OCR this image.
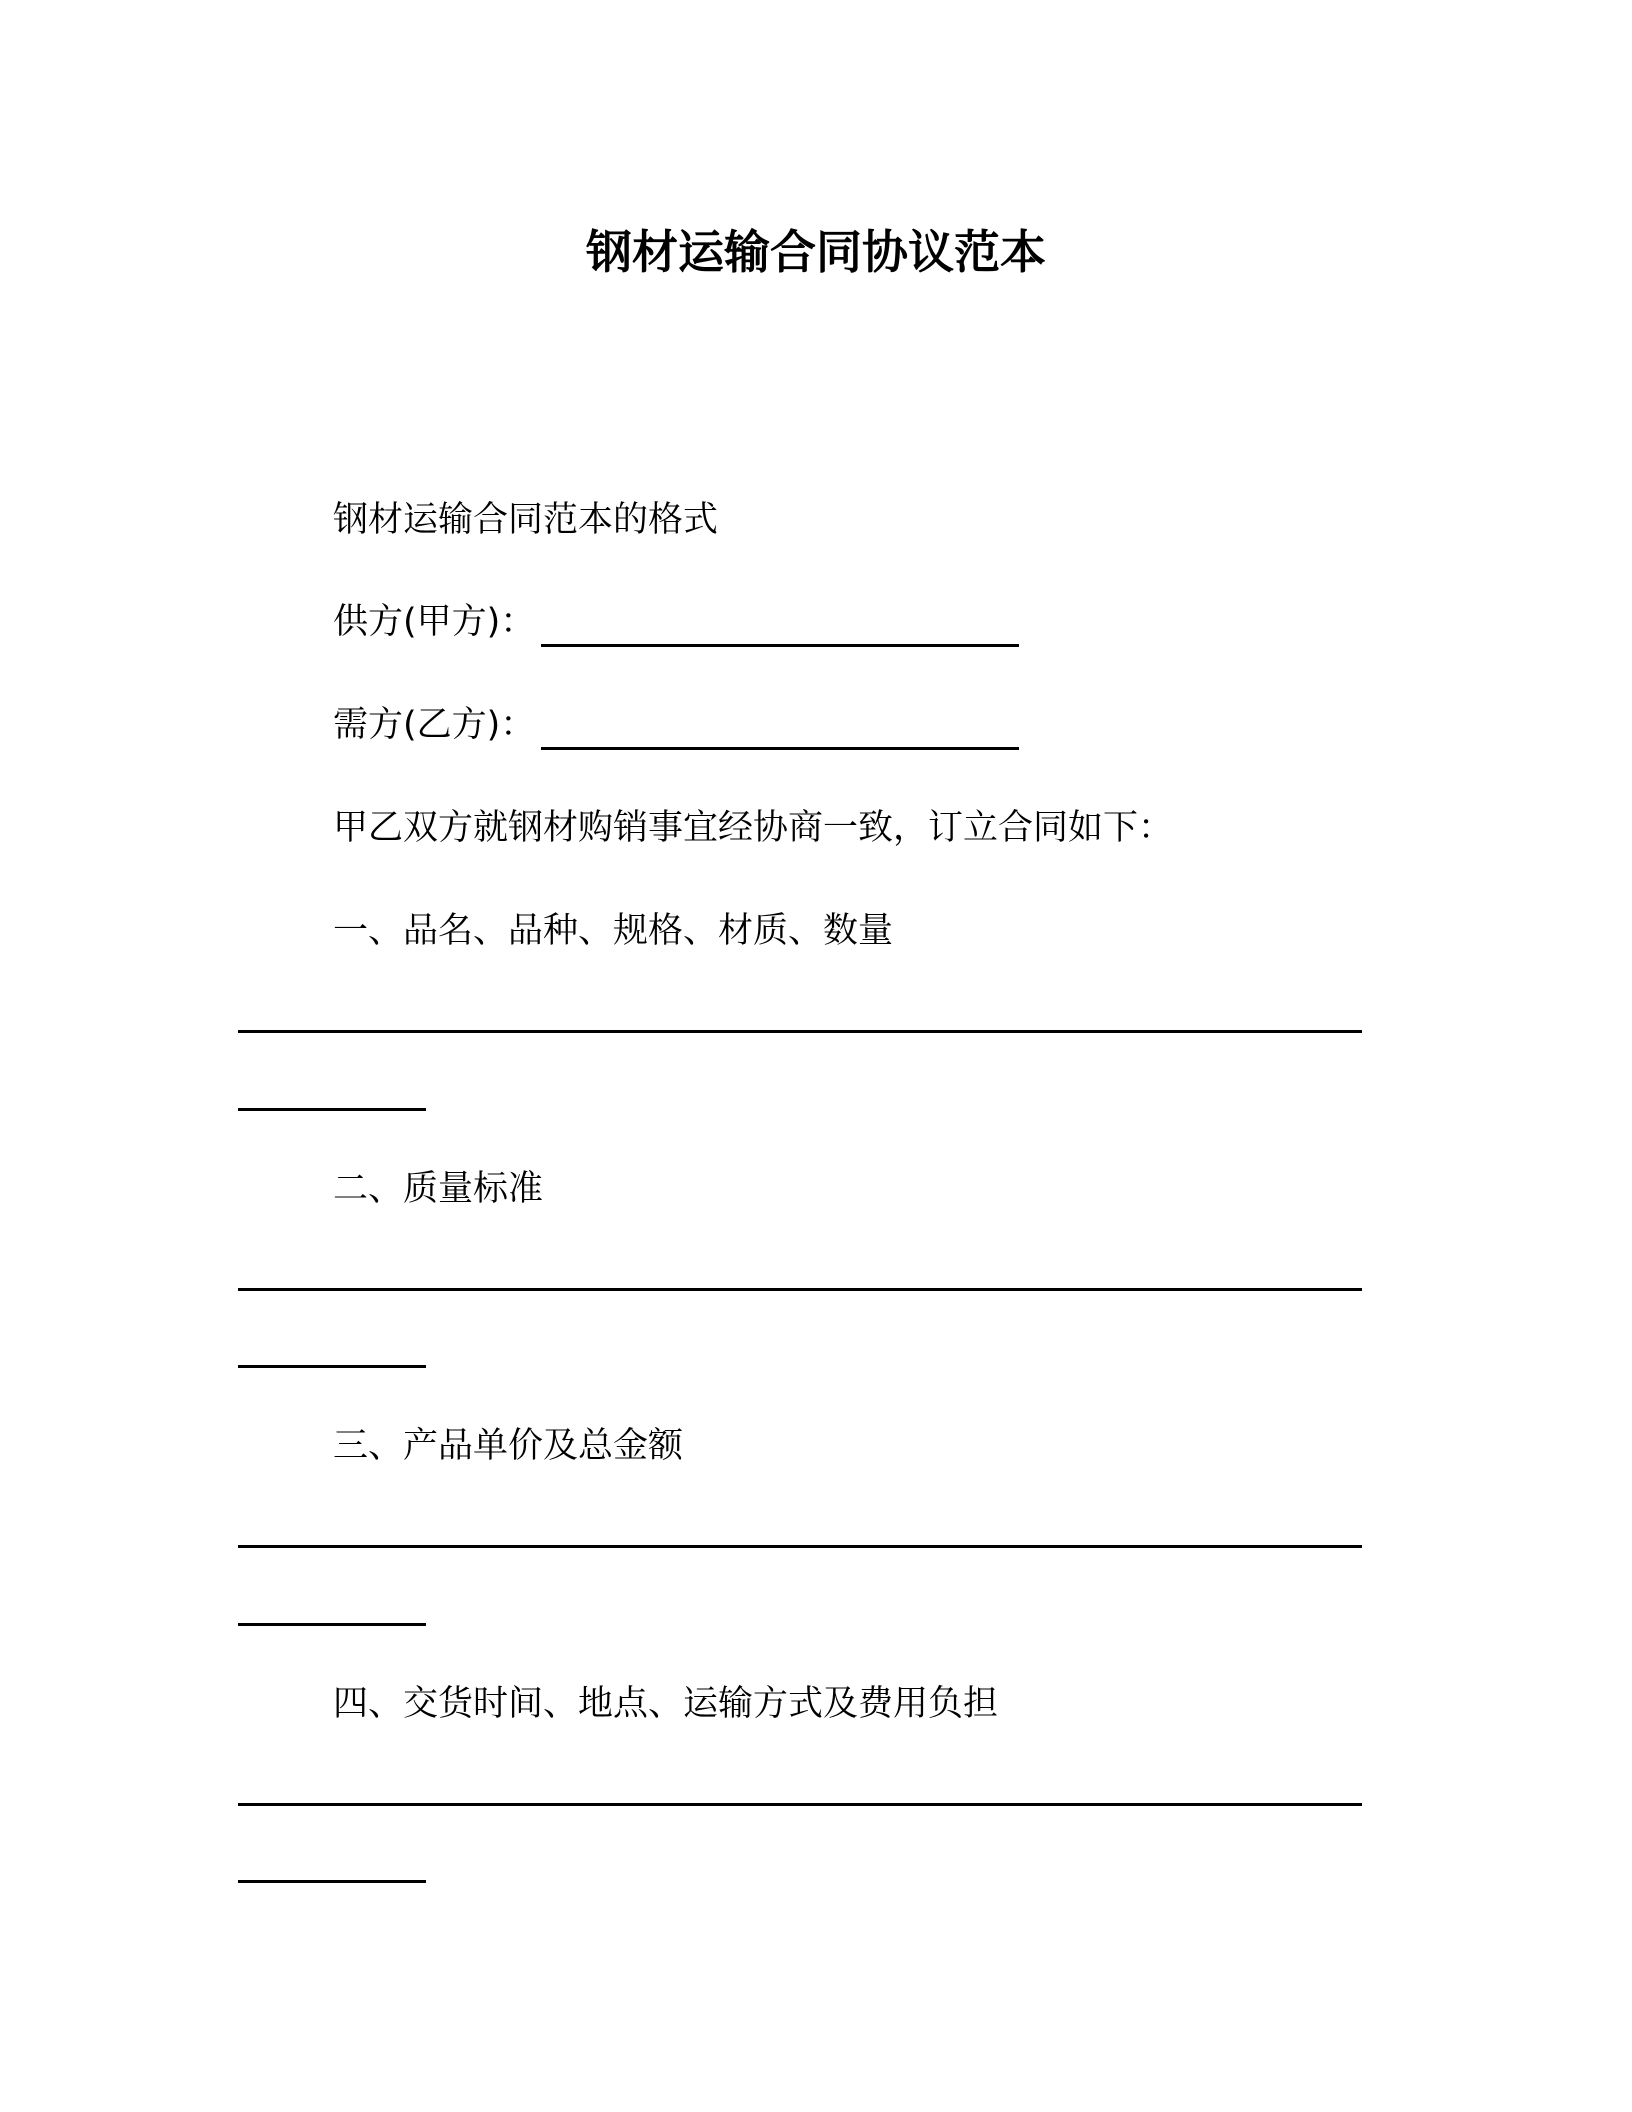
钢材运输合同协议范本
钢材运输合同范本的格式
供方(甲方)：
需方(乙方)：
甲乙双方就钢材购销事宜经协商一致，订立合同如下：
一、品名、品种、规格、材质、数量
二、质量标准
三、产品单价及总金额
四、交货时间、地点、运输方式及费用负担
